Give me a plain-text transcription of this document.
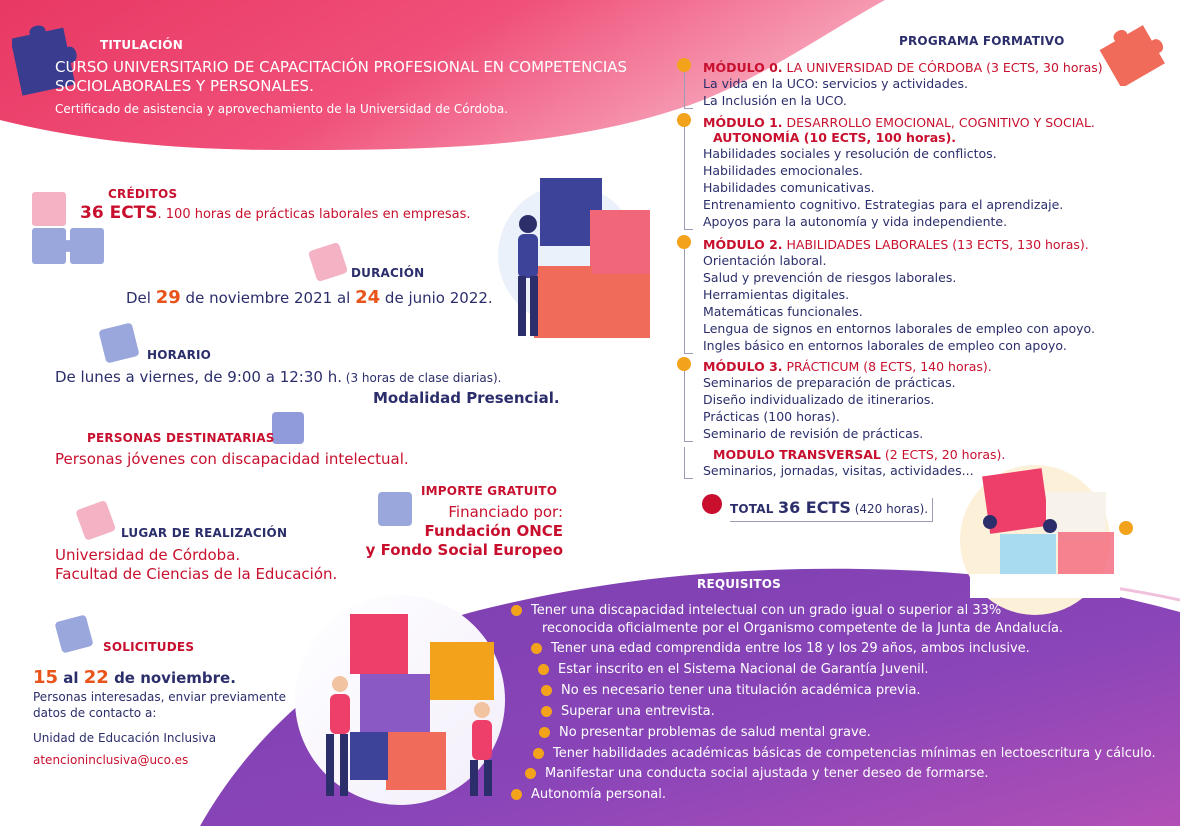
TITULACIÓN
CURSO UNIVERSITARIO DE CAPACITACIÓN PROFESIONAL EN COMPETENCIAS
SOCIOLABORALES Y PERSONALES.
Certificado de asistencia y aprovechamiento de la Universidad de Córdoba.
CRÉDITOS
36 ECTS. 100 horas de prácticas laborales en empresas.
DURACIÓN
Del 29 de noviembre 2021 al 24 de junio 2022.
HORARIO
De lunes a viernes, de 9:00 a 12:30 h. (3 horas de clase diarias).
Modalidad Presencial.
PERSONAS DESTINATARIAS
Personas jóvenes con discapacidad intelectual.
IMPORTE GRATUITO
Financiado por:
Fundación ONCE
y Fondo Social Europeo
LUGAR DE REALIZACIÓN
Universidad de Córdoba.
Facultad de Ciencias de la Educación.
SOLICITUDES
15 al 22 de noviembre.
Personas interesadas, enviar previamente
datos de contacto a:
Unidad de Educación Inclusiva
atencioninclusiva@uco.es
PROGRAMA FORMATIVO
MÓDULO 0. LA UNIVERSIDAD DE CÓRDOBA (3 ECTS, 30 horas)
La vida en la UCO: servicios y actividades.
La Inclusión en la UCO.
MÓDULO 1. DESARROLLO EMOCIONAL, COGNITIVO Y SOCIAL.
AUTONOMÍA (10 ECTS, 100 horas).
Habilidades sociales y resolución de conflictos.
Habilidades emocionales.
Habilidades comunicativas.
Entrenamiento cognitivo. Estrategias para el aprendizaje.
Apoyos para la autonomía y vida independiente.
MÓDULO 2. HABILIDADES LABORALES (13 ECTS, 130 horas).
Orientación laboral.
Salud y prevención de riesgos laborales.
Herramientas digitales.
Matemáticas funcionales.
Lengua de signos en entornos laborales de empleo con apoyo.
Ingles básico en entornos laborales de empleo con apoyo.
MÓDULO 3. PRÁCTICUM (8 ECTS, 140 horas).
Seminarios de preparación de prácticas.
Diseño individualizado de itinerarios.
Prácticas (100 horas).
Seminario de revisión de prácticas.
MODULO TRANSVERSAL (2 ECTS, 20 horas).
Seminarios, jornadas, visitas, actividades...
TOTAL 36 ECTS (420 horas).
REQUISITOS
Tener una discapacidad intelectual con un grado igual o superior al 33%
reconocida oficialmente por el Organismo competente de la Junta de Andalucía.
Tener una edad comprendida entre los 18 y los 29 años, ambos inclusive.
Estar inscrito en el Sistema Nacional de Garantía Juvenil.
No es necesario tener una titulación académica previa.
Superar una entrevista.
No presentar problemas de salud mental grave.
Tener habilidades académicas básicas de competencias mínimas en lectoescritura y cálculo.
Manifestar una conducta social ajustada y tener deseo de formarse.
Autonomía personal.
